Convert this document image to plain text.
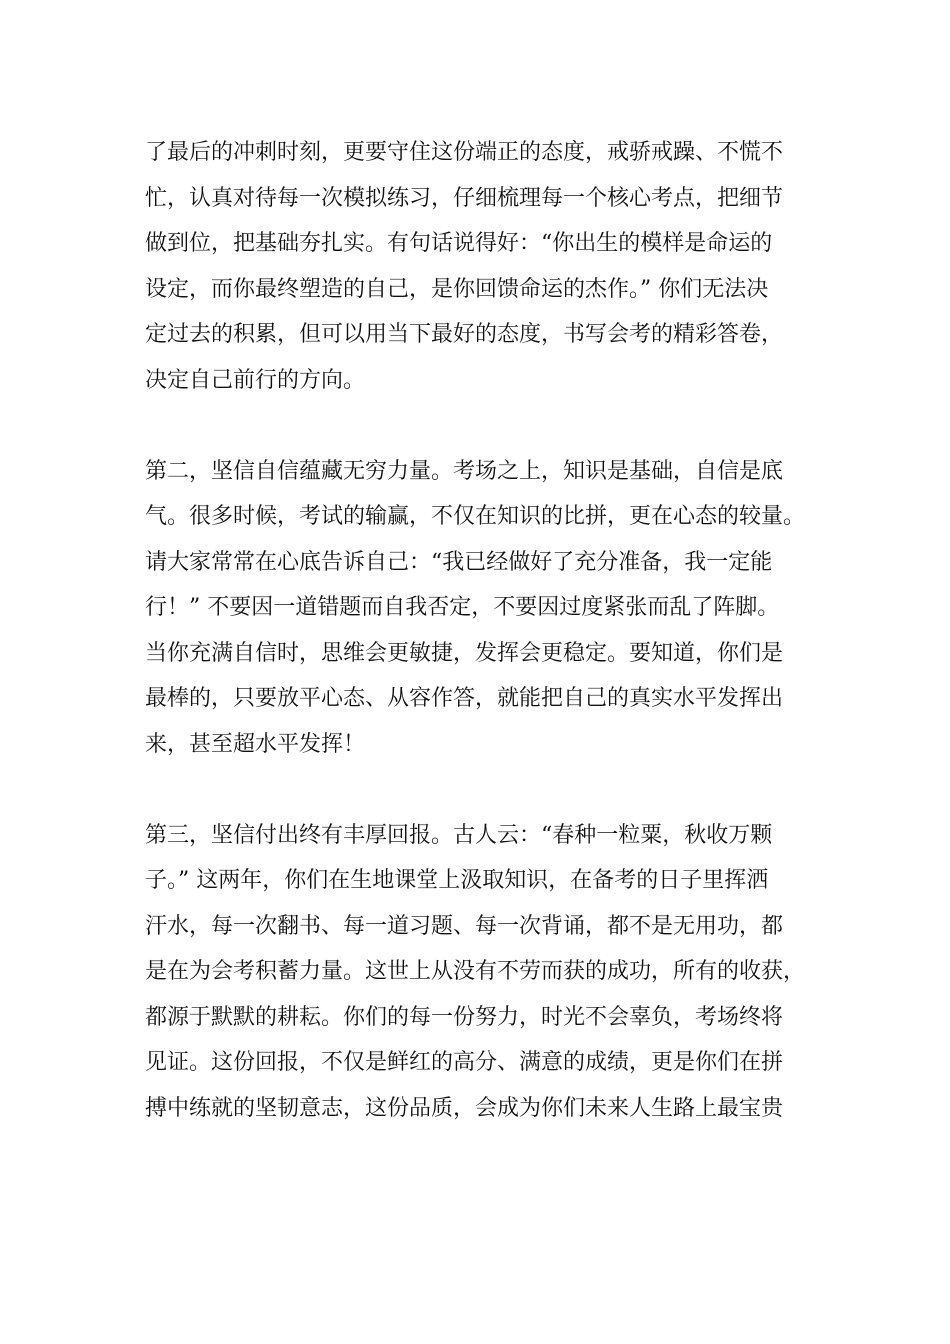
了最后的冲刺时刻，更要守住这份端正的态度，戒骄戒躁、不慌不
忙，认真对待每一次模拟练习，仔细梳理每一个核心考点，把细节
做到位，把基础夯扎实。有句话说得好：“你出生的模样是命运的
设定，而你最终塑造的自己，是你回馈命运的杰作。” 你们无法决
定过去的积累，但可以用当下最好的态度，书写会考的精彩答卷，
决定自己前行的方向。
第二，坚信自信蕴藏无穷力量。考场之上，知识是基础，自信是底
气。很多时候，考试的输赢，不仅在知识的比拼，更在心态的较量。
请大家常常在心底告诉自己：“我已经做好了充分准备，我一定能
行！” 不要因一道错题而自我否定，不要因过度紧张而乱了阵脚。
当你充满自信时，思维会更敏捷，发挥会更稳定。要知道，你们是
最棒的，只要放平心态、从容作答，就能把自己的真实水平发挥出
来，甚至超水平发挥！
第三，坚信付出终有丰厚回报。古人云：“春种一粒粟，秋收万颗
子。” 这两年，你们在生地课堂上汲取知识，在备考的日子里挥洒
汗水，每一次翻书、每一道习题、每一次背诵，都不是无用功，都
是在为会考积蓄力量。这世上从没有不劳而获的成功，所有的收获，
都源于默默的耕耘。你们的每一份努力，时光不会辜负，考场终将
见证。这份回报，不仅是鲜红的高分、满意的成绩，更是你们在拼
搏中练就的坚韧意志，这份品质，会成为你们未来人生路上最宝贵
